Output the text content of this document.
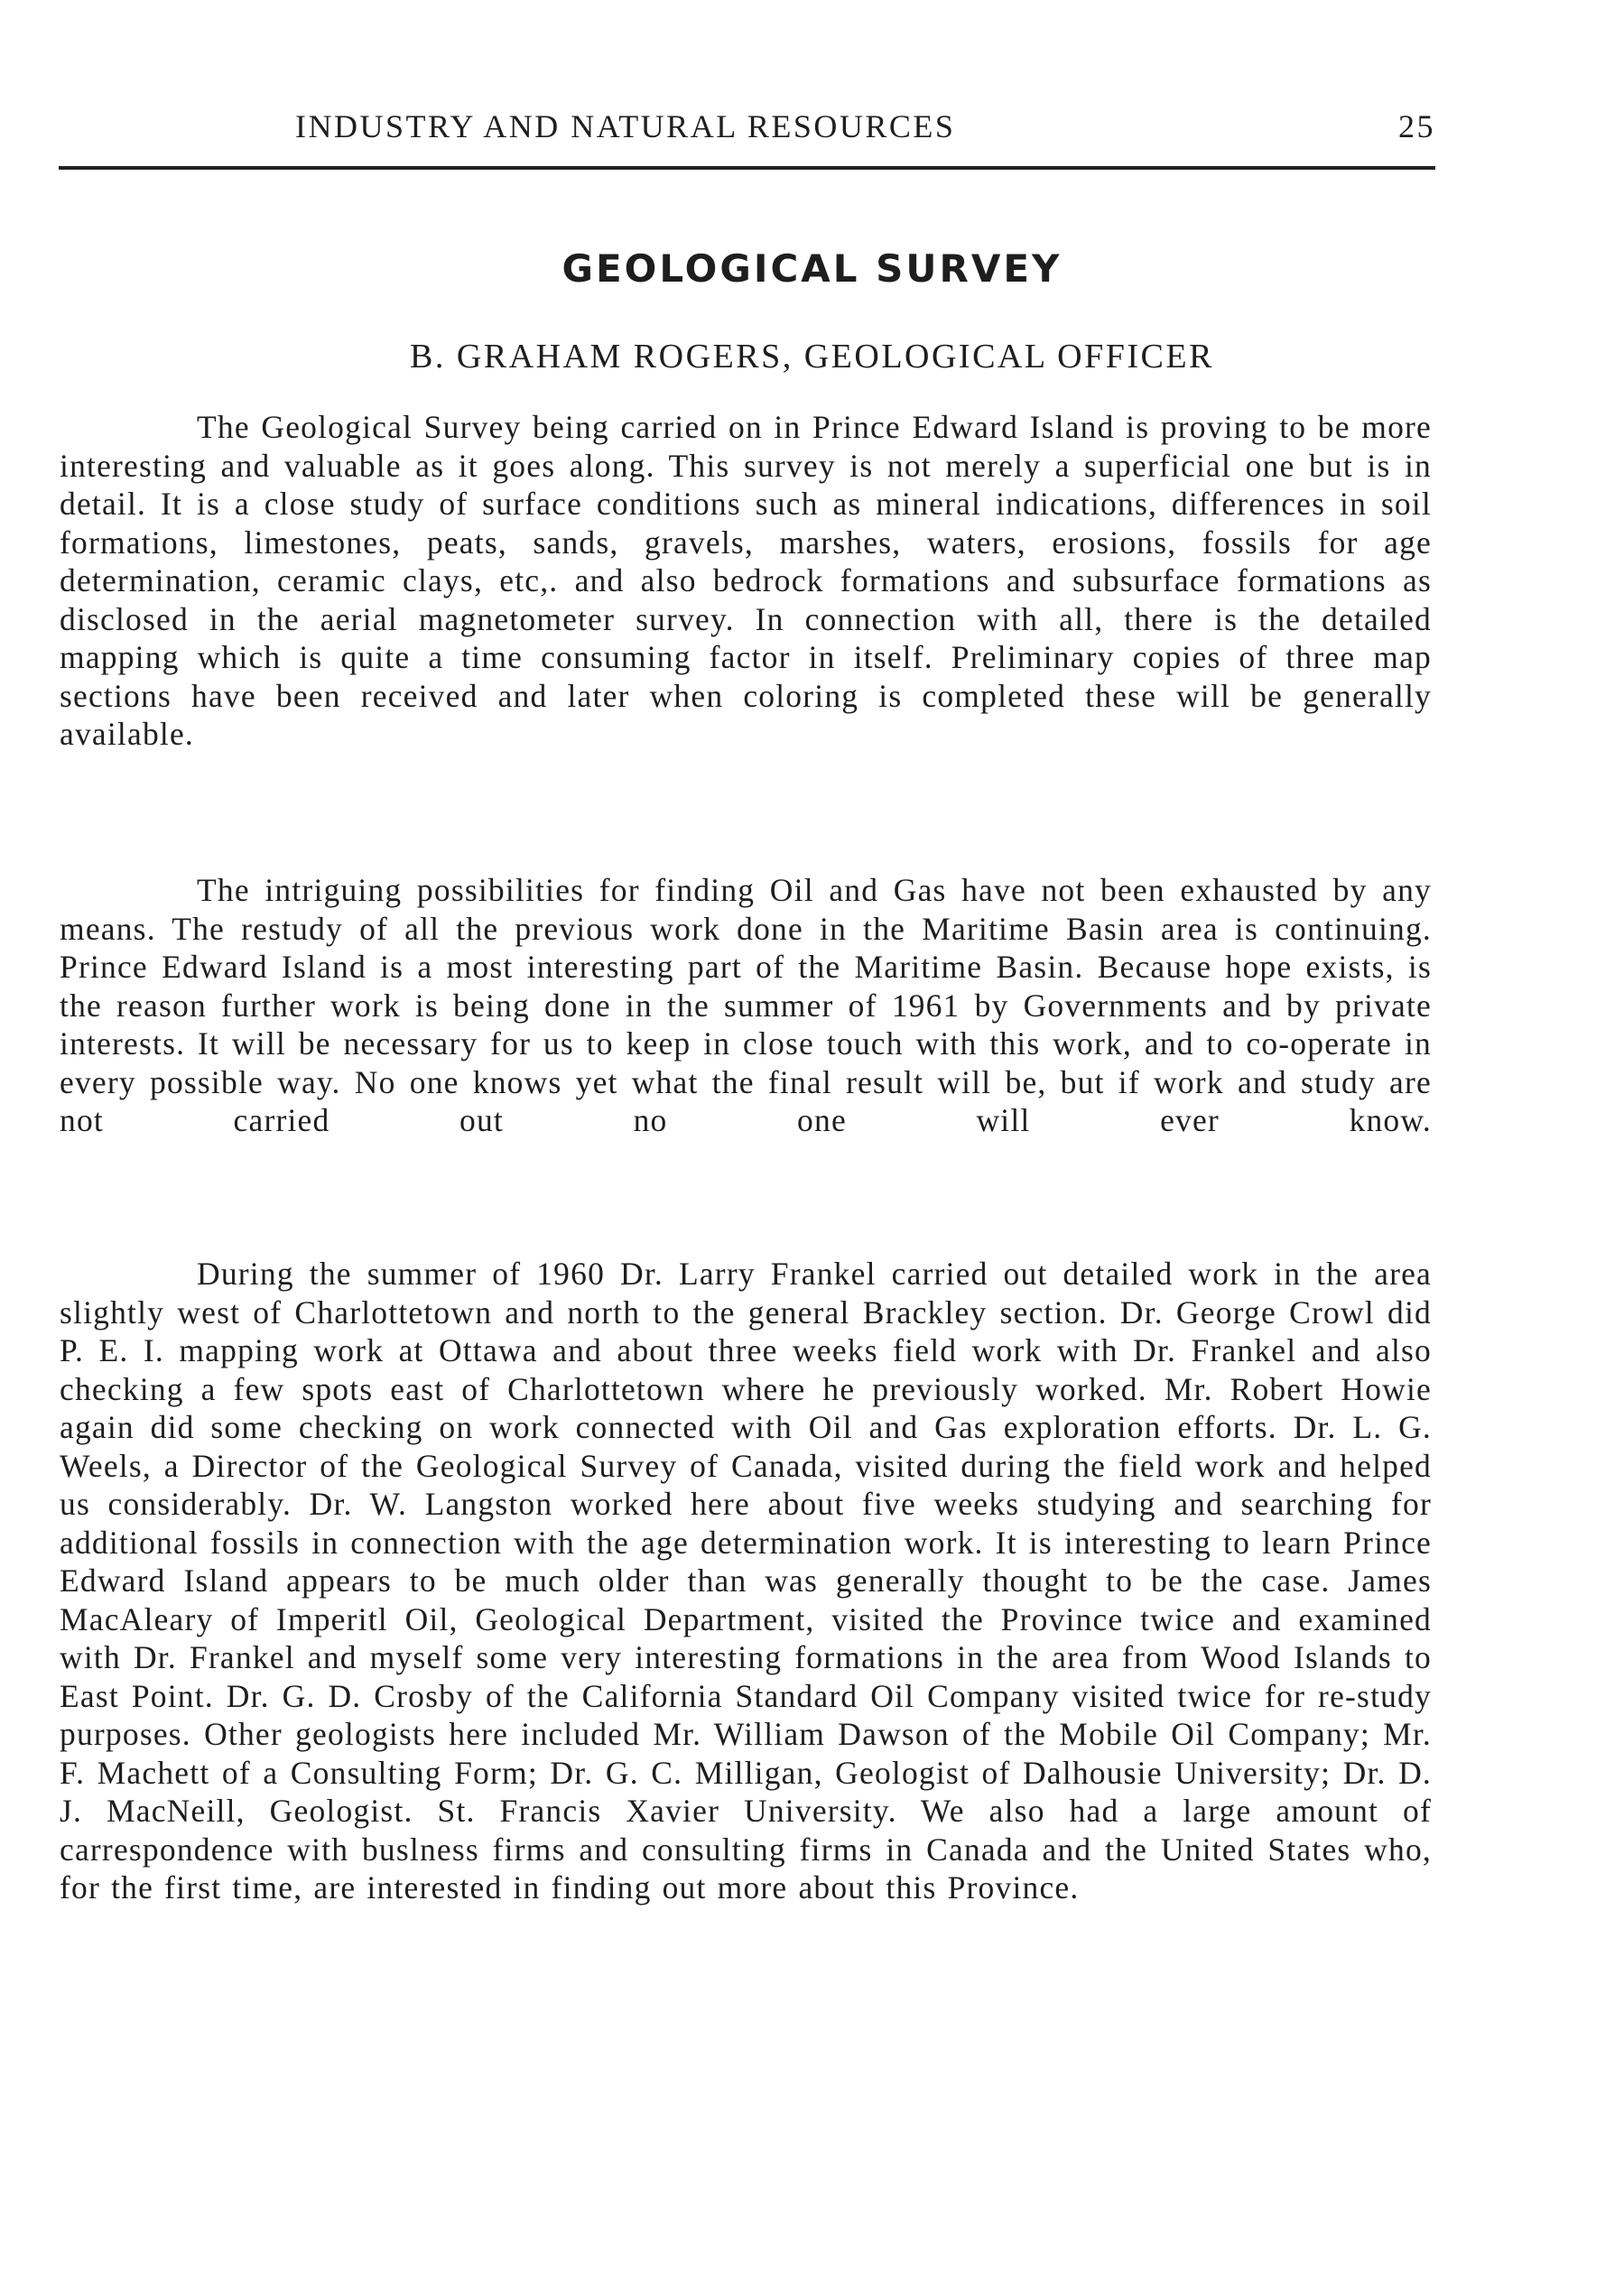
INDUSTRY AND NATURAL RESOURCES	25
GEOLOGICAL SURVEY
B. GRAHAM ROGERS, GEOLOGICAL OFFICER

The Geological Survey being carried on in Prince Edward Island is proving to be more interesting and valuable as it goes along. This survey is not merely a superficial one but is in detail. It is a close study of surface conditions such as mineral indications, differences in soil formations, limestones, peats, sands, gravels, marshes, waters, erosions, fossils for age determination, ceramic clays, etc,. and also bedrock formations and subsurface formations as disclosed in the aerial magnetometer survey. In connection with all, there is the detailed mapping which is quite a time consuming factor in itself. Preliminary copies of three map sections have been received and later when coloring is completed these will be generally available.

The intriguing possibilities for finding Oil and Gas have not been exhausted by any means. The restudy of all the previous work done in the Maritime Basin area is continuing. Prince Edward Island is a most interesting part of the Maritime Basin. Because hope exists, is the reason further work is being done in the summer of 1961 by Governments and by private interests. It will be necessary for us to keep in close touch with this work, and to co-operate in every possible way. No one knows yet what the final result will be, but if work and study are not carried out no one will ever know.

During the summer of 1960 Dr. Larry Frankel carried out detailed work in the area slightly west of Charlottetown and north to the general Brackley section. Dr. George Crowl did P. E. I. mapping work at Ottawa and about three weeks field work with Dr. Frankel and also checking a few spots east of Charlottetown where he previously worked. Mr. Robert Howie again did some checking on work connected with Oil and Gas exploration efforts. Dr. L. G. Weels, a Director of the Geological Survey of Canada, visited during the field work and helped us considerably. Dr. W. Langston worked here about five weeks studying and searching for additional fossils in connection with the age determination work. It is interesting to learn Prince Edward Island appears to be much older than was generally thought to be the case. James MacAleary of Imperitl Oil, Geological Department, visited the Province twice and examined with Dr. Frankel and myself some very interesting formations in the area from Wood Islands to East Point. Dr. G. D. Crosby of the California Standard Oil Company visited twice for re-study purposes. Other geologists here included Mr. William Dawson of the Mobile Oil Company; Mr. F. Machett of a Consulting Form; Dr. G. C. Milligan, Geologist of Dalhousie University; Dr. D. J. MacNeill, Geologist. St. Francis Xavier University. We also had a large amount of carrespondence with buslness firms and consulting firms in Canada and the United States who, for the first time, are interested in finding out more about this Province.
